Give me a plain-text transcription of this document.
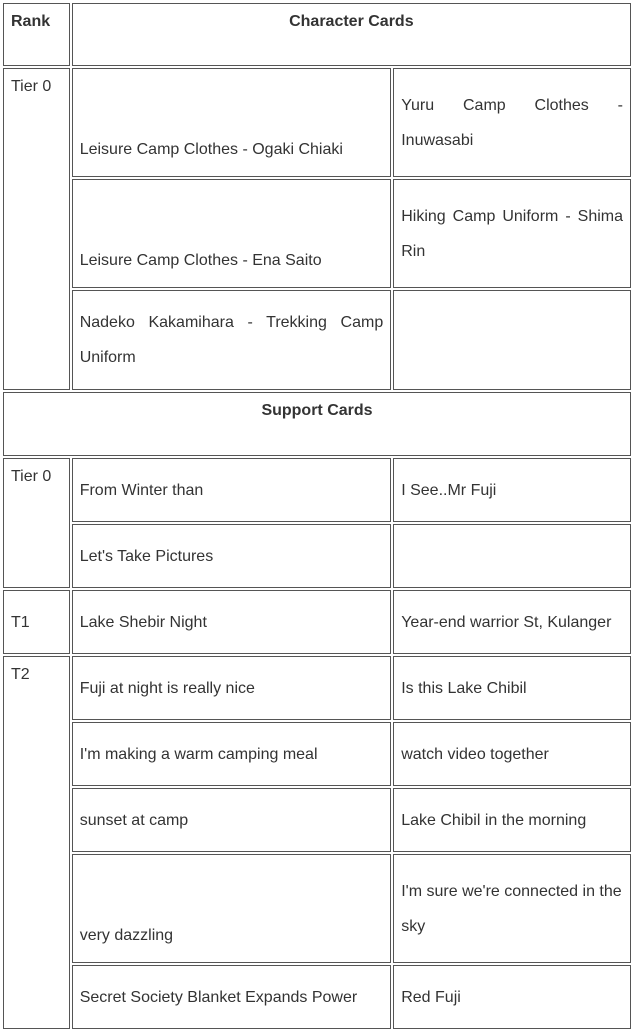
Rank	Character Cards	
Tier 0	Leisure Camp Clothes - Ogaki Chiaki	Yuru Camp Clothes - Inuwasabi
	Leisure Camp Clothes - Ena Saito	Hiking Camp Uniform - Shima Rin
	Nadeko Kakamihara - Trekking Camp Uniform	
Support Cards		
Tier 0	From Winter than	I See..Mr Fuji
	Let's Take Pictures	
T1	Lake Shebir Night	Year-end warrior St, Kulanger
T2	Fuji at night is really nice	Is this Lake Chibil
	I'm making a warm camping meal	watch video together
	sunset at camp	Lake Chibil in the morning
	very dazzling	I'm sure we're connected in the sky
	Secret Society Blanket Expands Power	Red Fuji
